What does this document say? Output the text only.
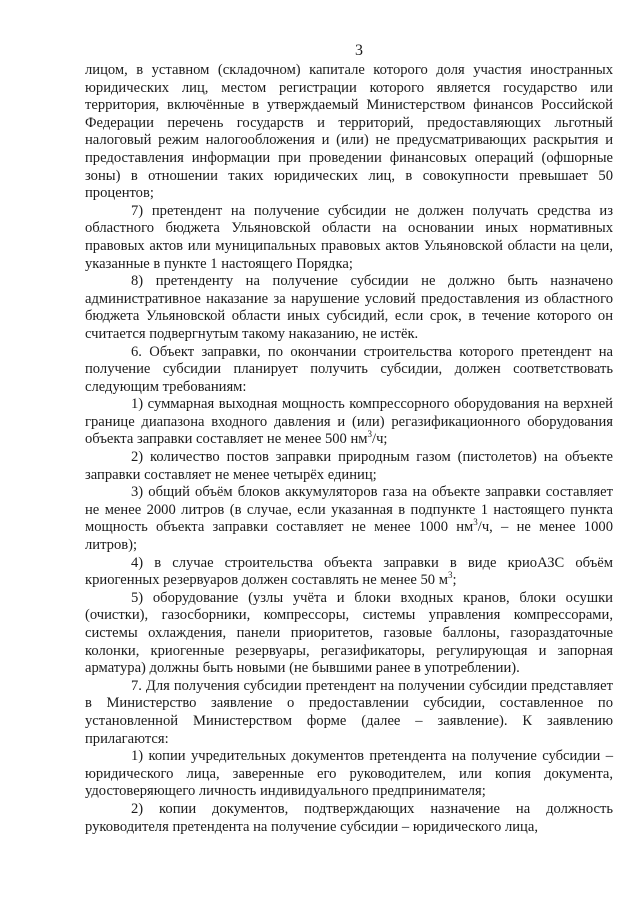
3

лицом, в уставном (складочном) капитале которого доля участия иностранных юридических лиц, местом регистрации которого является государство или территория, включённые в утверждаемый Министерством финансов Российской Федерации перечень государств и территорий, предоставляющих льготный налоговый режим налогообложения и (или) не предусматривающих раскрытия и предоставления информации при проведении финансовых операций (офшорные зоны) в отношении таких юридических лиц, в совокупности превышает 50 процентов;

7) претендент на получение субсидии не должен получать средства из областного бюджета Ульяновской области на основании иных нормативных правовых актов или муниципальных правовых актов Ульяновской области на цели, указанные в пункте 1 настоящего Порядка;

8) претенденту на получение субсидии не должно быть назначено административное наказание за нарушение условий предоставления из областного бюджета Ульяновской области иных субсидий, если срок, в течение которого он считается подвергнутым такому наказанию, не истёк.

6. Объект заправки, по окончании строительства которого претендент на получение субсидии планирует получить субсидии, должен соответствовать следующим требованиям:

1) суммарная выходная мощность компрессорного оборудования на верхней границе диапазона входного давления и (или) регазификационного оборудования объекта заправки составляет не менее 500 $нм^3/ч$;

2) количество постов заправки природным газом (пистолетов) на объекте заправки составляет не менее четырёх единиц;

3) общий объём блоков аккумуляторов газа на объекте заправки составляет не менее 2000 литров (в случае, если указанная в подпункте 1 настоящего пункта мощность объекта заправки составляет не менее 1000 $нм^3/ч$, – не менее 1000 литров);

4) в случае строительства объекта заправки в виде криоАЗС объём криогенных резервуаров должен составлять не менее 50 $м^3$;

5) оборудование (узлы учёта и блоки входных кранов, блоки осушки (очистки), газосборники, компрессоры, системы управления компрессорами, системы охлаждения, панели приоритетов, газовые баллоны, газораздаточные колонки, криогенные резервуары, регазификаторы, регулирующая и запорная арматура) должны быть новыми (не бывшими ранее в употреблении).

7. Для получения субсидии претендент на получении субсидии представляет в Министерство заявление о предоставлении субсидии, составленное по установленной Министерством форме (далее – заявление). К заявлению прилагаются:

1) копии учредительных документов претендента на получение субсидии – юридического лица, заверенные его руководителем, или копия документа, удостоверяющего личность индивидуального предпринимателя;

2) копии документов, подтверждающих назначение на должность руководителя претендента на получение субсидии – юридического лица,
